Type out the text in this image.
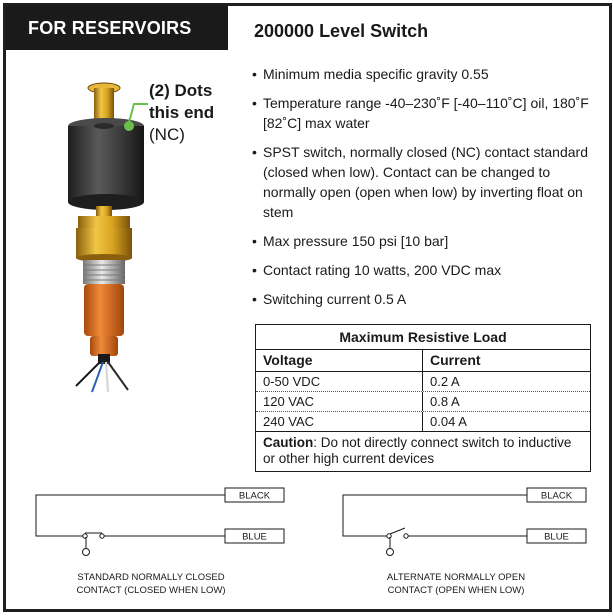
FOR RESERVOIRS	200000 Level Switch
(2) Dots
this end
(NC)
• Minimum media specific gravity 0.55
• Temperature range -40–230˚F [-40–110˚C] oil, 180˚F [82˚C] max water
• SPST switch, normally closed (NC) contact standard (closed when low). Contact can be changed to normally open (open when low) by inverting float on stem
• Max pressure 150 psi [10 bar]
• Contact rating 10 watts, 200 VDC max
• Switching current 0.5 A
Maximum Resistive Load
Voltage	Current
0-50 VDC	0.2 A
120 VAC	0.8 A
240 VAC	0.04 A
Caution: Do not directly connect switch to inductive or other high current devices
BLACK
BLUE
BLACK
BLUE
STANDARD NORMALLY CLOSED
CONTACT (CLOSED WHEN LOW)
ALTERNATE NORMALLY OPEN
CONTACT (OPEN WHEN LOW)
